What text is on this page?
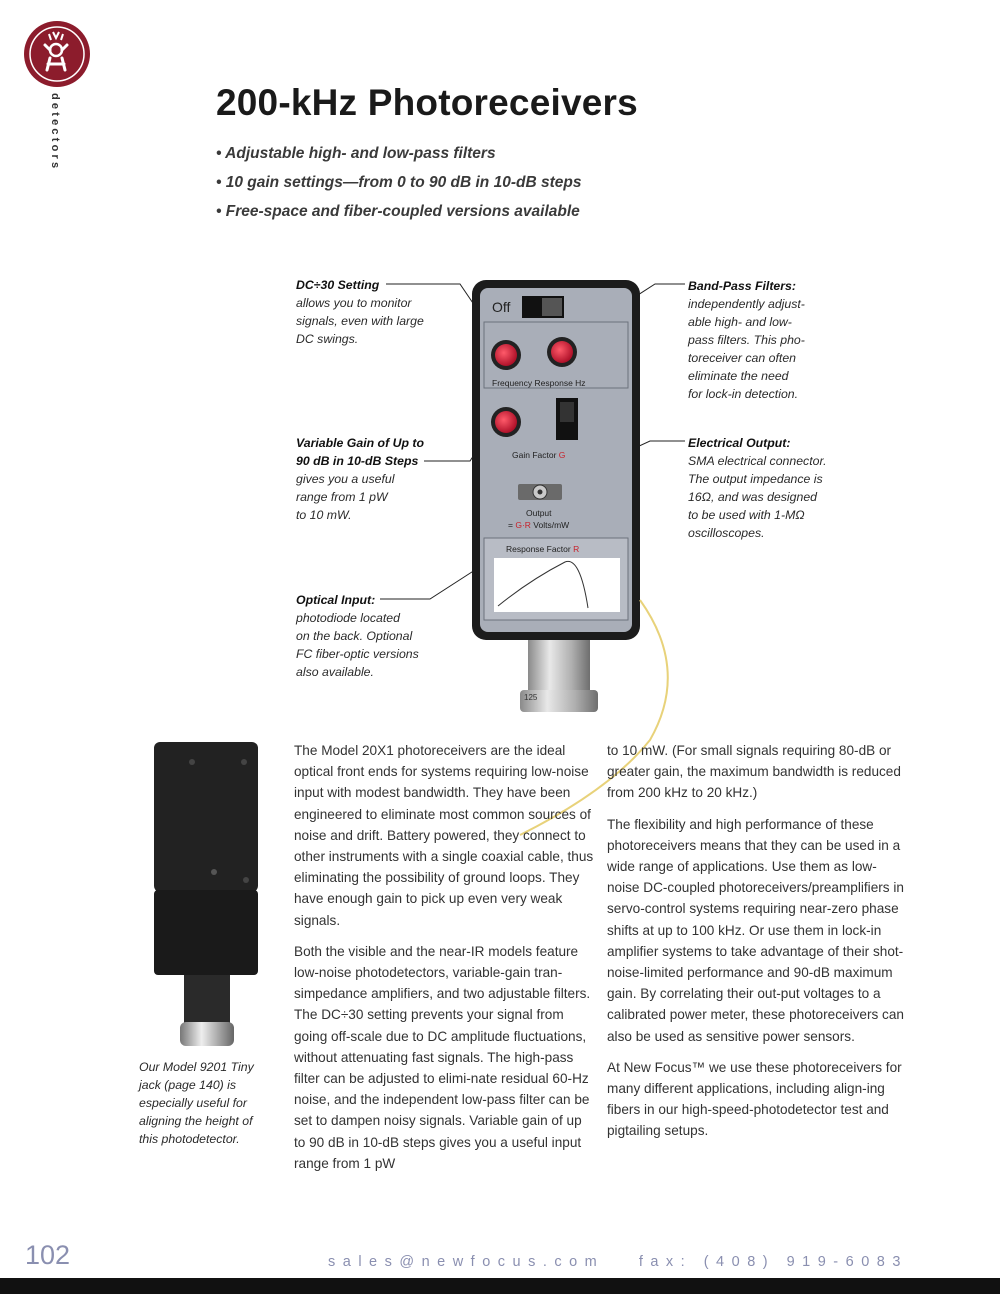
detectors	200-kHz Photoreceivers
• Adjustable high- and low-pass filters
• 10 gain settings—from 0 to 90 dB in 10-dB steps
• Free-space and fiber-coupled versions available
Off
Frequency Response Hz
Gain Factor G
Output
= G·R Volts/mW
Response Factor R
125
DC÷30 Setting
allows you to monitor
signals, even with large
DC swings.
Variable Gain of Up to
90 dB in 10-dB Steps
gives you a useful
range from 1 pW
to 10 mW.
Optical Input:
photodiode located
on the back. Optional
FC fiber-optic versions
also available.
Band-Pass Filters:
independently adjust-
able high- and low-
pass filters. This pho-
toreceiver can often
eliminate the need
for lock-in detection.
Electrical Output:
SMA electrical connector.
The output impedance is
16Ω, and was designed
to be used with 1-MΩ
oscilloscopes.

The Model 20X1 photoreceivers are the ideal optical front ends for systems requiring low-noise input with modest bandwidth. They have been engineered to eliminate most common sources of noise and drift. Battery powered, they connect to other instruments with a single coaxial cable, thus eliminating the possibility of ground loops. They have enough gain to pick up even very weak signals.

Both the visible and the near-IR models feature low-noise photodetectors, variable-gain tran-simpedance amplifiers, and two adjustable filters. The DC÷30 setting prevents your signal from going off-scale due to DC amplitude fluctuations, without attenuating fast signals. The high-pass filter can be adjusted to elimi-nate residual 60-Hz noise, and the independent low-pass filter can be set to dampen noisy signals. Variable gain of up to 90 dB in 10-dB steps gives you a useful input range from 1 pW

to 10 mW. (For small signals requiring 80-dB or greater gain, the maximum bandwidth is reduced from 200 kHz to 20 kHz.)

The flexibility and high performance of these photoreceivers means that they can be used in a wide range of applications. Use them as low-noise DC-coupled photoreceivers/preamplifiers in servo-control systems requiring near-zero phase shifts at up to 100 kHz. Or use them in lock-in amplifier systems to take advantage of their shot-noise-limited performance and 90-dB maximum gain. By correlating their out-put voltages to a calibrated power meter, these photoreceivers can also be used as sensitive power sensors.

At New Focus™ we use these photoreceivers for many different applications, including align-ing fibers in our high-speed-photodetector test and pigtailing setups.

Our Model 9201 Tiny jack (page 140) is especially useful for aligning the height of this photodetector.
102	sales@newfocus.com   fax: (408) 919-6083
